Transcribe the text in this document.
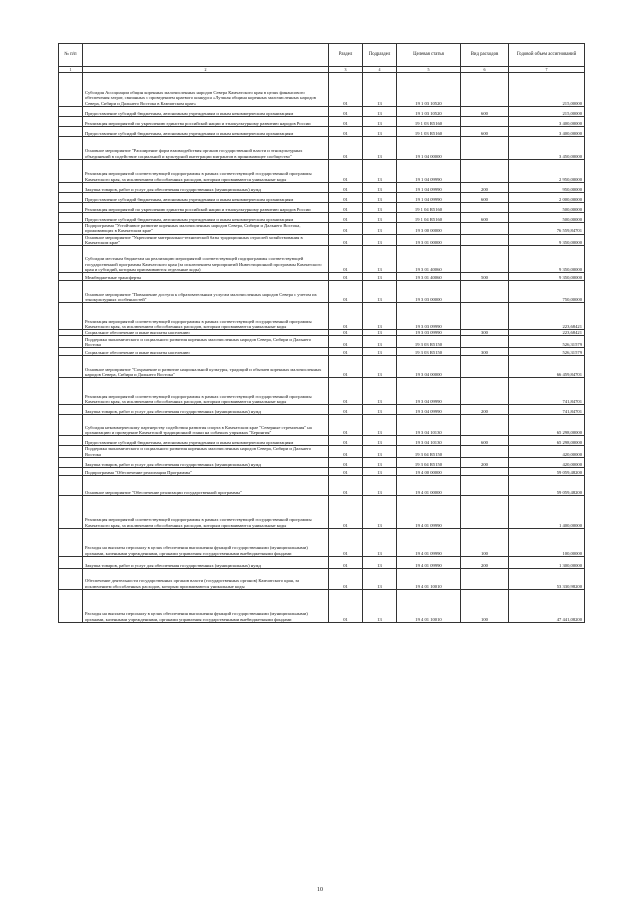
№ п/п		Раздел	Подраздел	Целевая статья	Вид расходов	Годовой объем ассигнований
1	2	3	4	5	6	7
	Субсидия Ассоциации общин коренных малочисленных народов Севера Камчатского края в целях финансового обеспечения затрат, связанных с проведением краевого конкурса «Лучшая община коренных малочисленных народов Севера, Сибири и Дальнего Востока в Камчатском крае»	01	13	19 1 03 10520		215,00000
	Предоставление субсидий бюджетным, автономным учреждениям и иным некоммерческим организациям	01	13	19 1 03 10520	600	215,00000
	Реализация мероприятий по укреплению единства российской нации и этнокультурному развитию народов России	01	13	19 1 03 R5160		3 400,00000
	Предоставление субсидий бюджетным, автономным учреждениям и иным некоммерческим организациям	01	13	19 1 03 R5160	600	3 400,00000
	Основное мероприятие "Расширение форм взаимодействия органов государственной власти и этнокультурных объединений в содействие социальной и культурной интеграции мигрантов в принимающее сообщество"	01	13	19 1 04 00000		3 450,00000
	Реализация мероприятий соответствующей подпрограммы в рамках соответствующей государственной программы Камчатского края, за исключением обособленных расходов, которым присваиваются уникальные коды	01	13	19 1 04 09990		2 950,00000
	Закупка товаров, работ и услуг для обеспечения государственных (муниципальных) нужд	01	13	19 1 04 09990	200	950,00000
	Предоставление субсидий бюджетным, автономным учреждениям и иным некоммерческим организациям	01	13	19 1 04 09990	600	2 000,00000
	Реализация мероприятий по укреплению единства российской нации и этнокультурному развитию народов России	01	13	19 1 04 R5160		500,00000
	Предоставление субсидий бюджетным, автономным учреждениям и иным некоммерческим организациям	01	13	19 1 04 R5160	600	500,00000
	Подпрограмма "Устойчивое развитие коренных малочисленных народов Севера, Сибири и Дальнего Востока, проживающих в Камчатском крае"	01	13	19 3 00 00000		76 559,84701
	Основное мероприятие "Укрепление материально-технической базы традиционных отраслей хозяйствования в Камчатском крае"	01	13	19 3 01 00000		9 350,00000
	Субсидии местным бюджетам на реализацию мероприятий соответствующей подпрограммы соответствующей государственной программы Камчатского края (за исключением мероприятий Инвестиционной программы Камчатского края и субсидий, которым присваиваются отдельные коды)	01	13	19 3 01 40060		9 350,00000
	Межбюджетные трансферты	01	13	19 3 01 40060	500	9 350,00000
	Основное мероприятие "Повышение доступа к образовательным услугам малочисленных народов Севера с учетом их этнокультурных особенностей"	01	13	19 3 03 00000		750,00000
	Реализация мероприятий соответствующей подпрограммы в рамках соответствующей государственной программы Камчатского края, за исключением обособленных расходов, которым присваиваются уникальные коды	01	13	19 3 03 09990		223,68421
	Социальное обеспечение и иные выплаты населению	01	13	19 3 03 09990	300	223,68421
	Поддержка экономического и социального развития коренных малочисленных народов Севера, Сибири и Дальнего Востока	01	13	19 3 03 R5150		526,31579
	Социальное обеспечение и иные выплаты населению	01	13	19 3 03 R5150	300	526,31579
	Основное мероприятие "Сохранение и развитие национальной культуры, традиций и обычаев коренных малочисленных народов Севера, Сибири и Дальнего Востока"	01	13	19 3 04 00000		66 459,84701
	Реализация мероприятий соответствующей подпрограммы в рамках соответствующей государственной программы Камчатского края, за исключением обособленных расходов, которым присваиваются уникальные коды	01	13	19 3 04 09990		741,84701
	Закупка товаров, работ и услуг для обеспечения государственных (муниципальных) нужд	01	13	19 3 04 09990	200	741,84701
	Субсидия некоммерческому партнерству содействия развития спорта в Камчатском крае "Северные стремления" на организацию и проведение Камчатской традиционной гонки на собачьих упряжках "Берингия"	01	13	19 3 04 10130		65 298,00000
	Предоставление субсидий бюджетным, автономным учреждениям и иным некоммерческим организациям	01	13	19 3 04 10130	600	65 298,00000
	Поддержка экономического и социального развития коренных малочисленных народов Севера, Сибири и Дальнего Востока	01	13	19 3 04 R5150		420,00000
	Закупка товаров, работ и услуг для обеспечения государственных (муниципальных) нужд	01	13	19 3 04 R5150	200	420,00000
	Подпрограмма "Обеспечение реализации Программы"	01	13	19 4 00 00000		59 059,48200
	Основное мероприятие "Обеспечение реализации государственной программы"	01	13	19 4 01 00000		59 059,48200
	Реализация мероприятий соответствующей подпрограммы в рамках соответствующей государственной программы Камчатского края, за исключением обособленных расходов, которым присваиваются уникальные коды	01	13	19 4 01 09990		1 400,00000
	Расходы на выплаты персоналу в целях обеспечения выполнения функций государственными (муниципальными) органами, казенными учреждениями, органами управления государственными внебюджетными фондами	01	13	19 4 01 09990	100	100,00000
	Закупка товаров, работ и услуг для обеспечения государственных (муниципальных) нужд	01	13	19 4 01 09990	200	1 300,00000
	Обеспечение деятельности государственных органов власти (государственных органов) Камчатского края, за исключением обособленных расходов, которым присваиваются уникальные коды	01	13	19 4 01 10010		53 330,98200
	Расходы на выплаты персоналу в целях обеспечения выполнения функций государственными (муниципальными) органами, казенными учреждениями, органами управления государственными внебюджетными фондами	01	13	19 4 01 10010	100	47 441,08200
10
